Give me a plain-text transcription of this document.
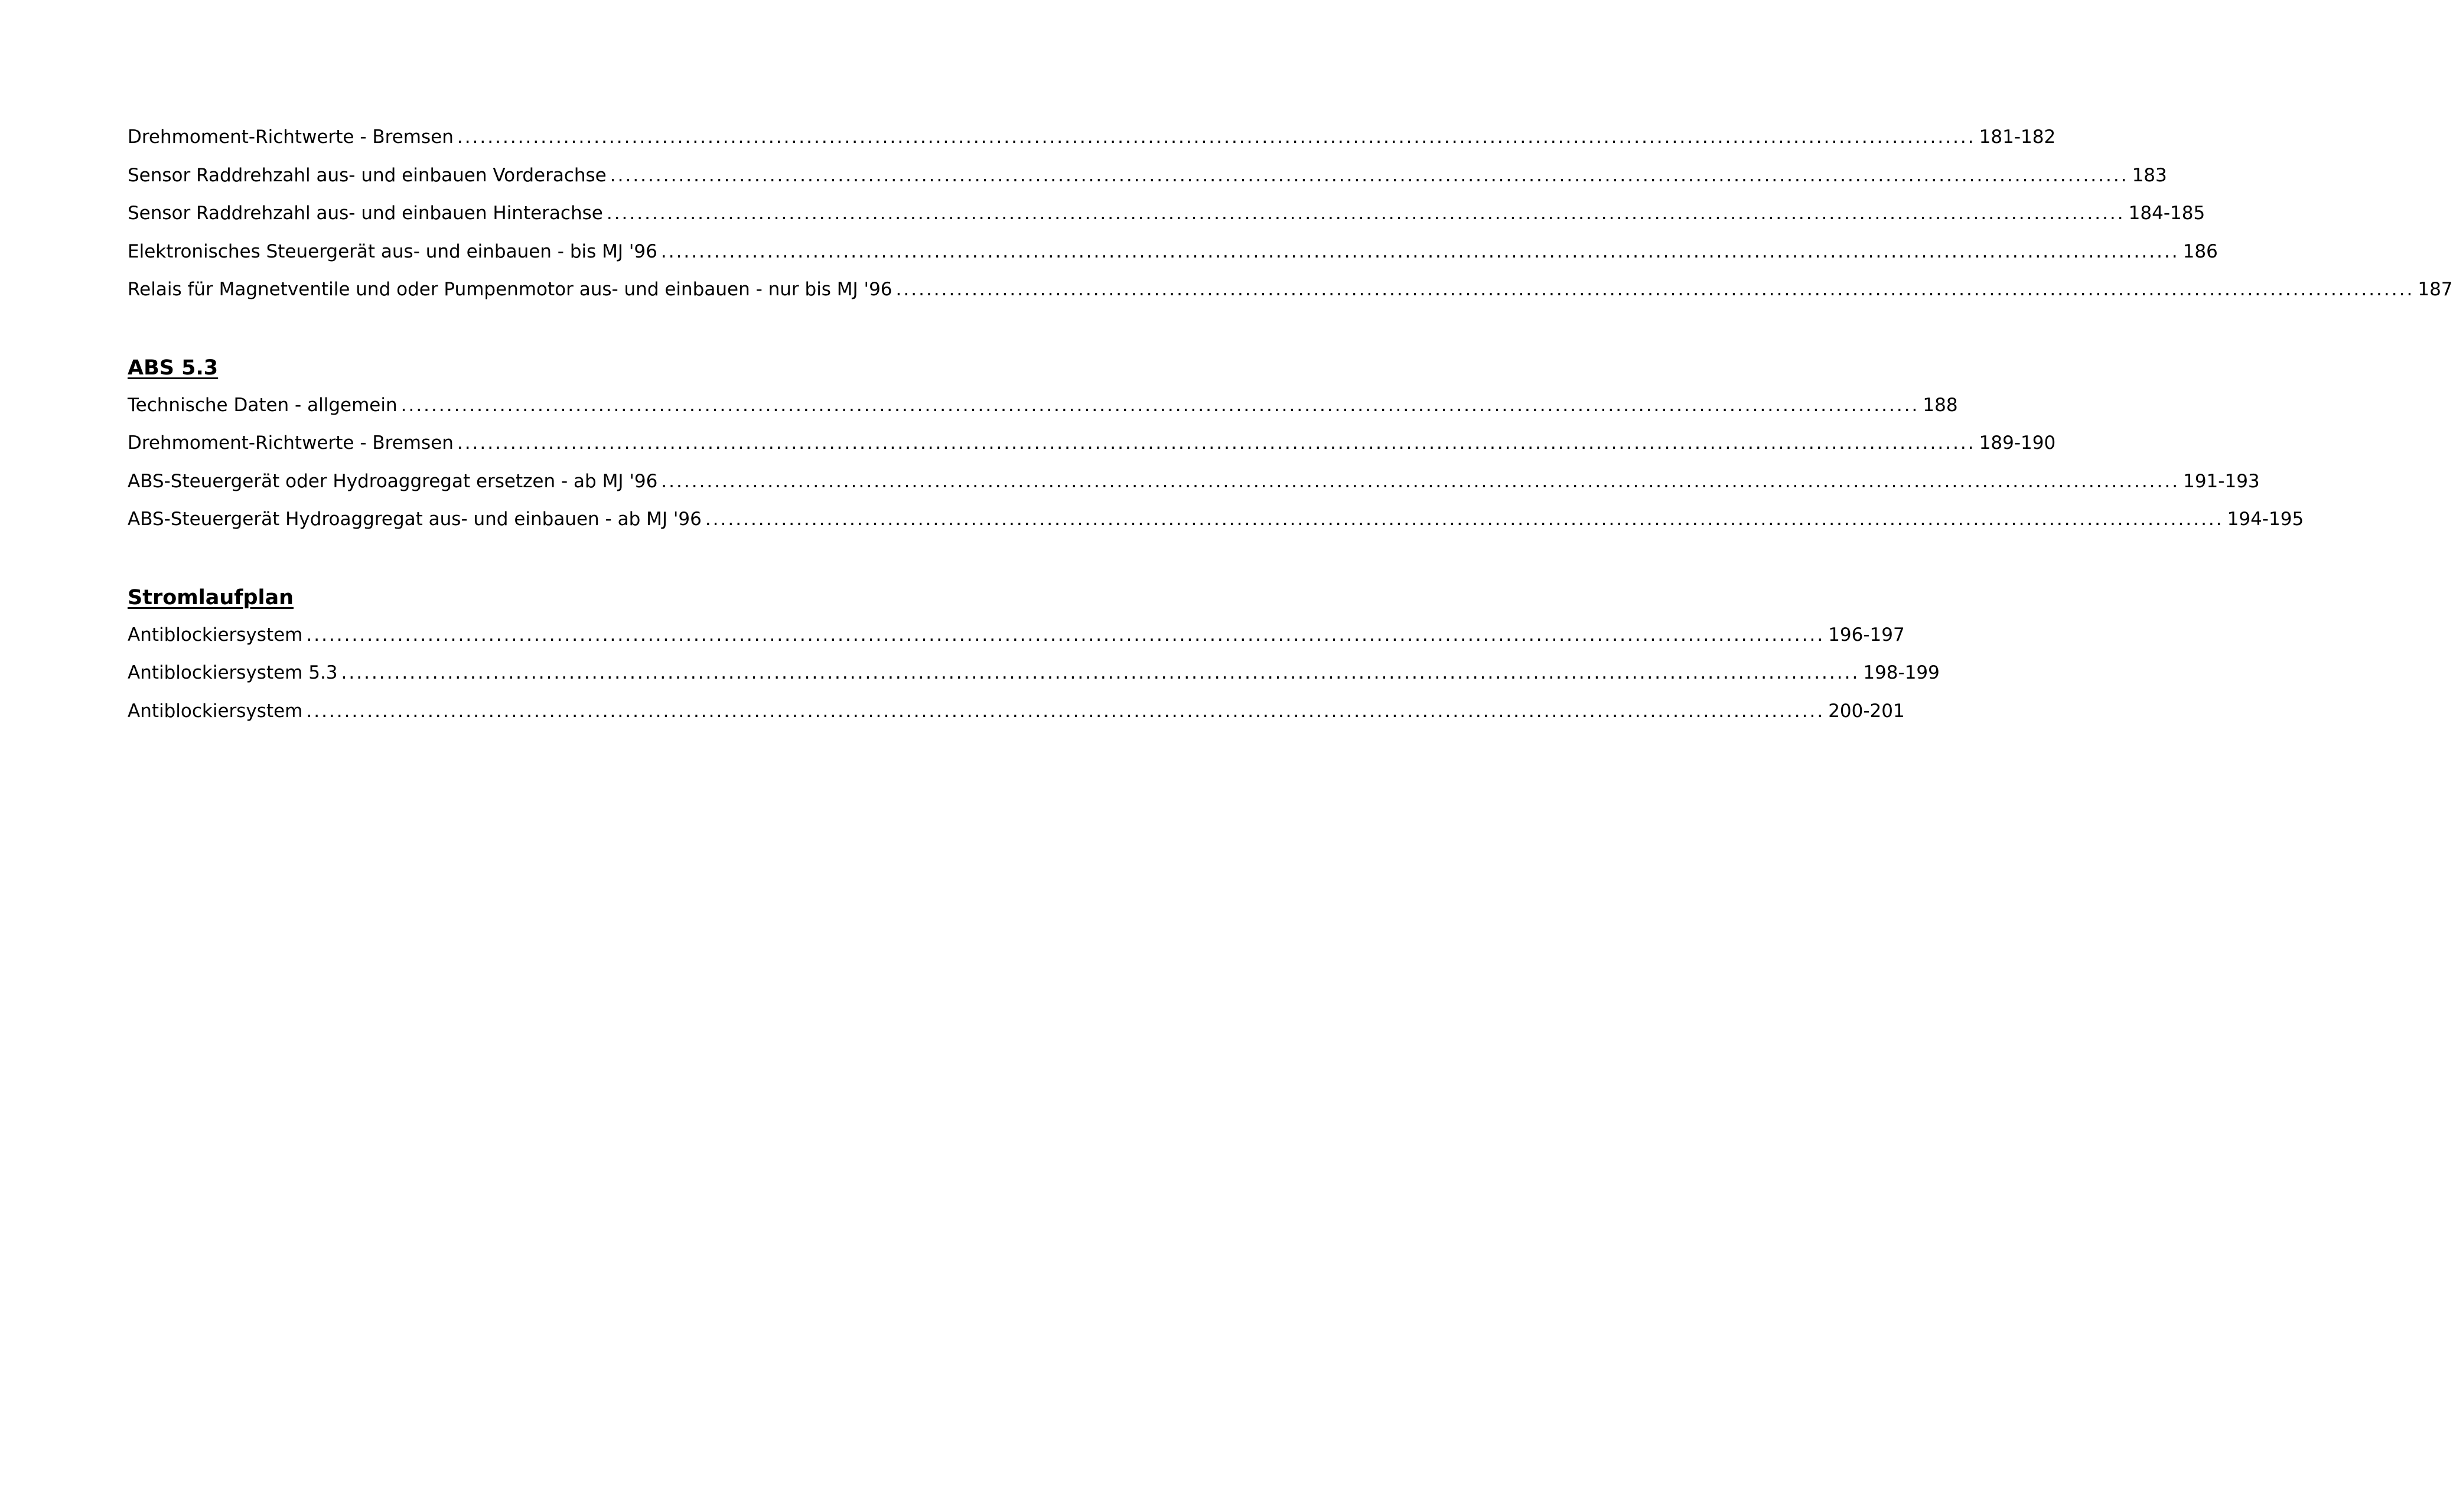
Drehmoment-Richtwerte - Bremsen ........................................................................................................................................................................................................ 181-182
Sensor Raddrehzahl aus- und einbauen Vorderachse ........................................................................................................................................................................................................ 183
Sensor Raddrehzahl aus- und einbauen Hinterachse ........................................................................................................................................................................................................ 184-185
Elektronisches Steuergerät aus- und einbauen - bis MJ '96 ........................................................................................................................................................................................................ 186
Relais für Magnetventile und oder Pumpenmotor aus- und einbauen - nur bis MJ '96 ........................................................................................................................................................................................................ 187
ABS 5.3
Technische Daten - allgemein ........................................................................................................................................................................................................ 188
Drehmoment-Richtwerte - Bremsen ........................................................................................................................................................................................................ 189-190
ABS-Steuergerät oder Hydroaggregat ersetzen - ab MJ '96 ........................................................................................................................................................................................................ 191-193
ABS-Steuergerät Hydroaggregat aus- und einbauen - ab MJ '96 ........................................................................................................................................................................................................ 194-195
Stromlaufplan
Antiblockiersystem ........................................................................................................................................................................................................ 196-197
Antiblockiersystem 5.3 ........................................................................................................................................................................................................ 198-199
Antiblockiersystem ........................................................................................................................................................................................................ 200-201
